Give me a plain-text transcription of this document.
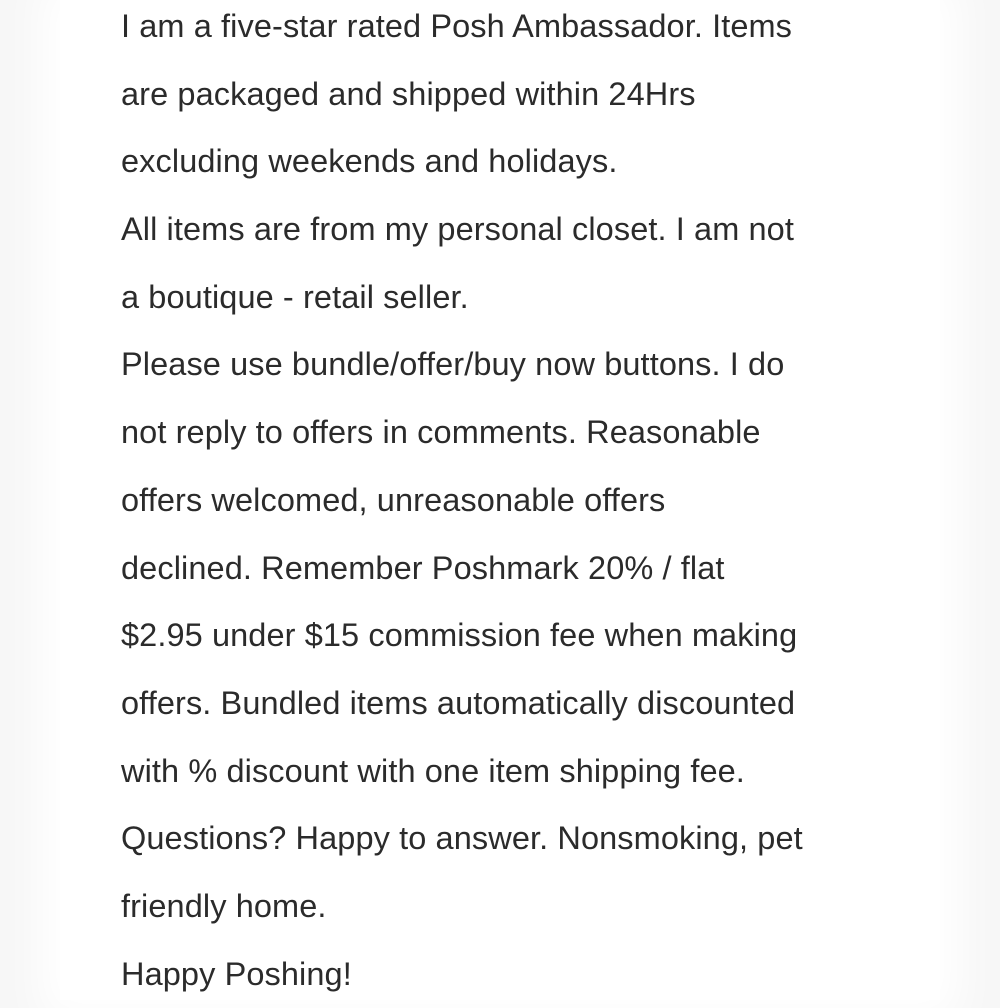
I am a five-star rated Posh Ambassador. Items
are packaged and shipped within 24Hrs
excluding weekends and holidays.
All items are from my personal closet. I am not
a boutique - retail seller.
Please use bundle/offer/buy now buttons. I do
not reply to offers in comments. Reasonable
offers welcomed, unreasonable offers
declined. Remember Poshmark 20% / flat
$2.95 under $15 commission fee when making
offers. Bundled items automatically discounted
with % discount with one item shipping fee.
Questions? Happy to answer. Nonsmoking, pet
friendly home.
Happy Poshing!
